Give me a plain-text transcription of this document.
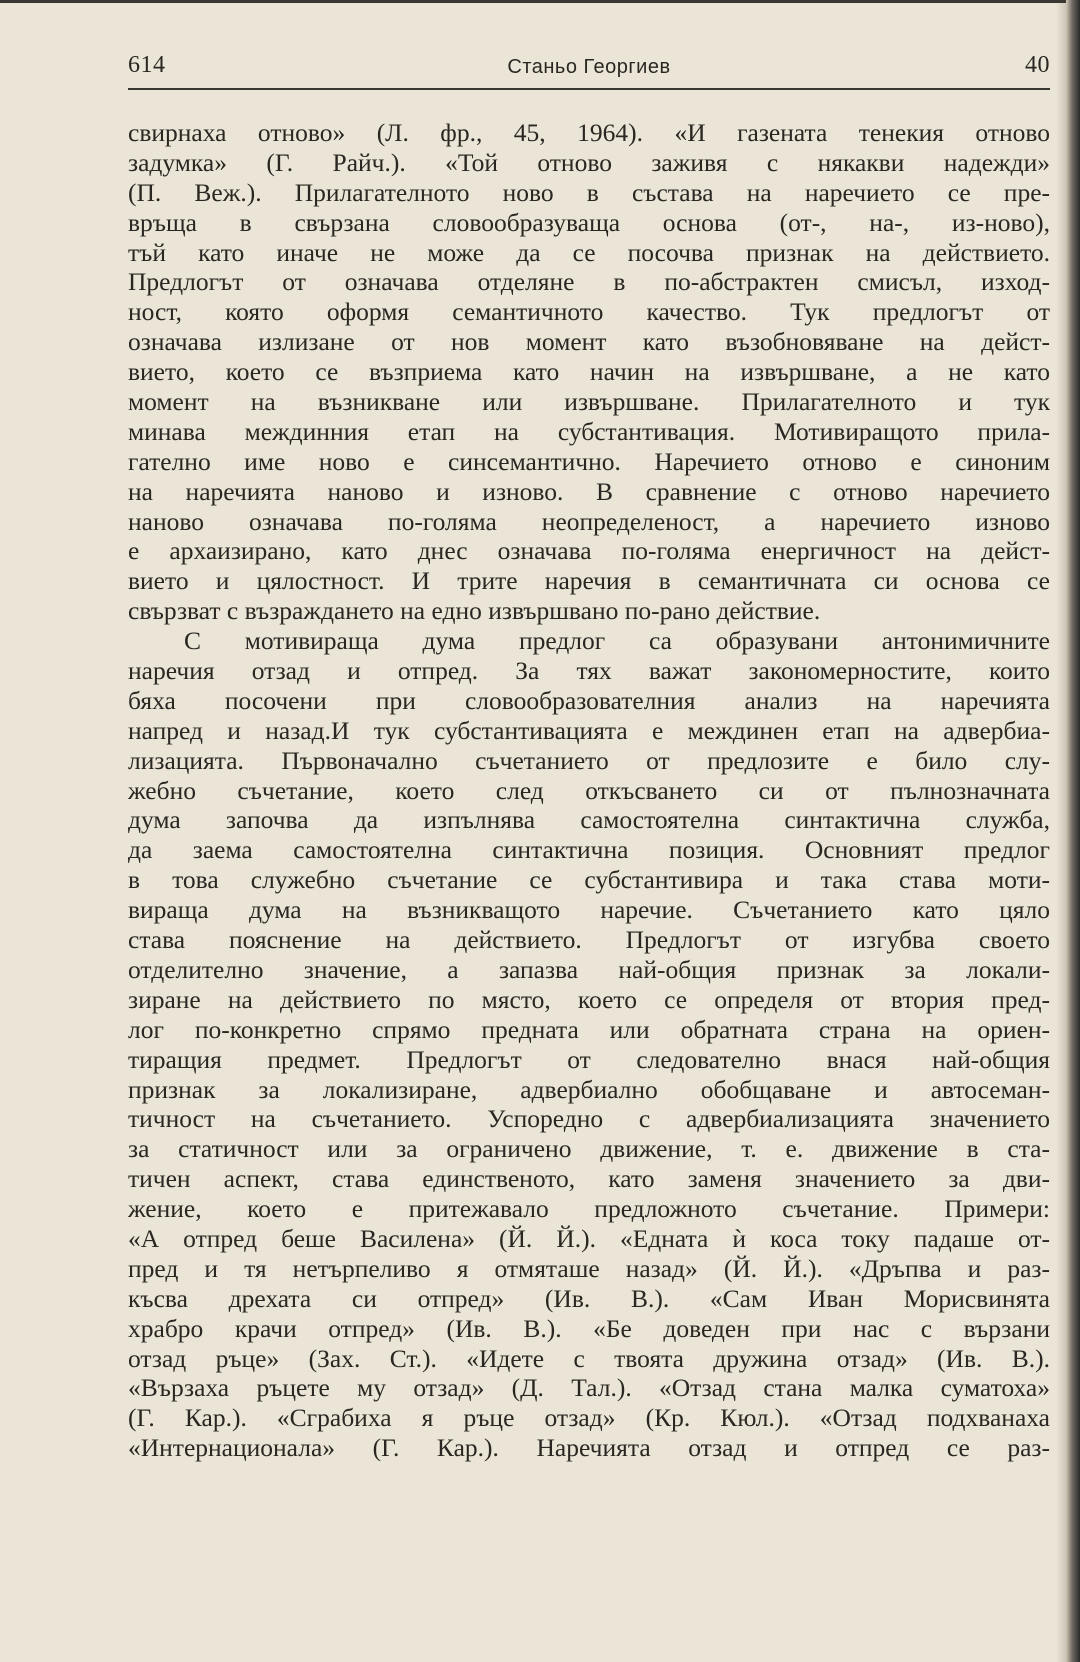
614	Станьо Георгиев	40
свирнаха отново» (Л. фр., 45, 1964). «И газената тенекия отново
задумка» (Г. Райч.). «Той отново заживя с някакви надежди»
(П. Веж.). Прилагателното ново в състава на наречието се пре-
връща в свързана словообразуваща основа (от-, на-, из-ново),
тъй като иначе не може да се посочва признак на действието.
Предлогът от означава отделяне в по-абстрактен смисъл, изход-
ност, която оформя семантичното качество. Тук предлогът от
означава излизане от нов момент като възобновяване на дейст-
вието, което се възприема като начин на извършване, а не като
момент на възникване или извършване. Прилагателното и тук
минава междинния етап на субстантивация. Мотивиращото прила-
гателно име ново е синсемантично. Наречието отново е синоним
на наречията наново и изново. В сравнение с отново наречието
наново означава по-голяма неопределеност, а наречието изново
е архаизирано, като днес означава по-голяма енергичност на дейст-
вието и цялостност. И трите наречия в семантичната си основа се
свързват с възраждането на едно извършвано по-рано действие.
С мотивираща дума предлог са образувани антонимичните
наречия отзад и отпред. За тях важат закономерностите, които
бяха посочени при словообразователния анализ на наречията
напред и назад.И тук субстантивацията е междинен етап на адвербиа-
лизацията. Първоначално съчетанието от предлозите е било слу-
жебно съчетание, което след откъсването си от пълнозначната
дума започва да изпълнява самостоятелна синтактична служба,
да заема самостоятелна синтактична позиция. Основният предлог
в това служебно съчетание се субстантивира и така става моти-
вираща дума на възникващото наречие. Съчетанието като цяло
става пояснение на действието. Предлогът от изгубва своето
отделително значение, а запазва най-общия признак за локали-
зиране на действието по място, което се определя от втория пред-
лог по-конкретно спрямо предната или обратната страна на ориен-
тиращия предмет. Предлогът от следователно внася най-общия
признак за локализиране, адвербиално обобщаване и автосеман-
тичност на съчетанието. Успоредно с адвербиализацията значението
за статичност или за ограничено движение, т. е. движение в ста-
тичен аспект, става единственото, като заменя значението за дви-
жение, което е притежавало предложното съчетание. Примери:
«А отпред беше Василена» (Й. Й.). «Едната ѝ коса току падаше от-
пред и тя нетърпеливо я отмяташе назад» (Й. Й.). «Дръпва и раз-
късва дрехата си отпред» (Ив. В.). «Сам Иван Морисвинята
храбро крачи отпред» (Ив. В.). «Бе доведен при нас с вързани
отзад ръце» (Зах. Ст.). «Идете с твоята дружина отзад» (Ив. В.).
«Вързаха ръцете му отзад» (Д. Тал.). «Отзад стана малка суматоха»
(Г. Кар.). «Сграбиха я ръце отзад» (Кр. Кюл.). «Отзад подхванаха
«Интернационала» (Г. Кар.). Наречията отзад и отпред се раз-
